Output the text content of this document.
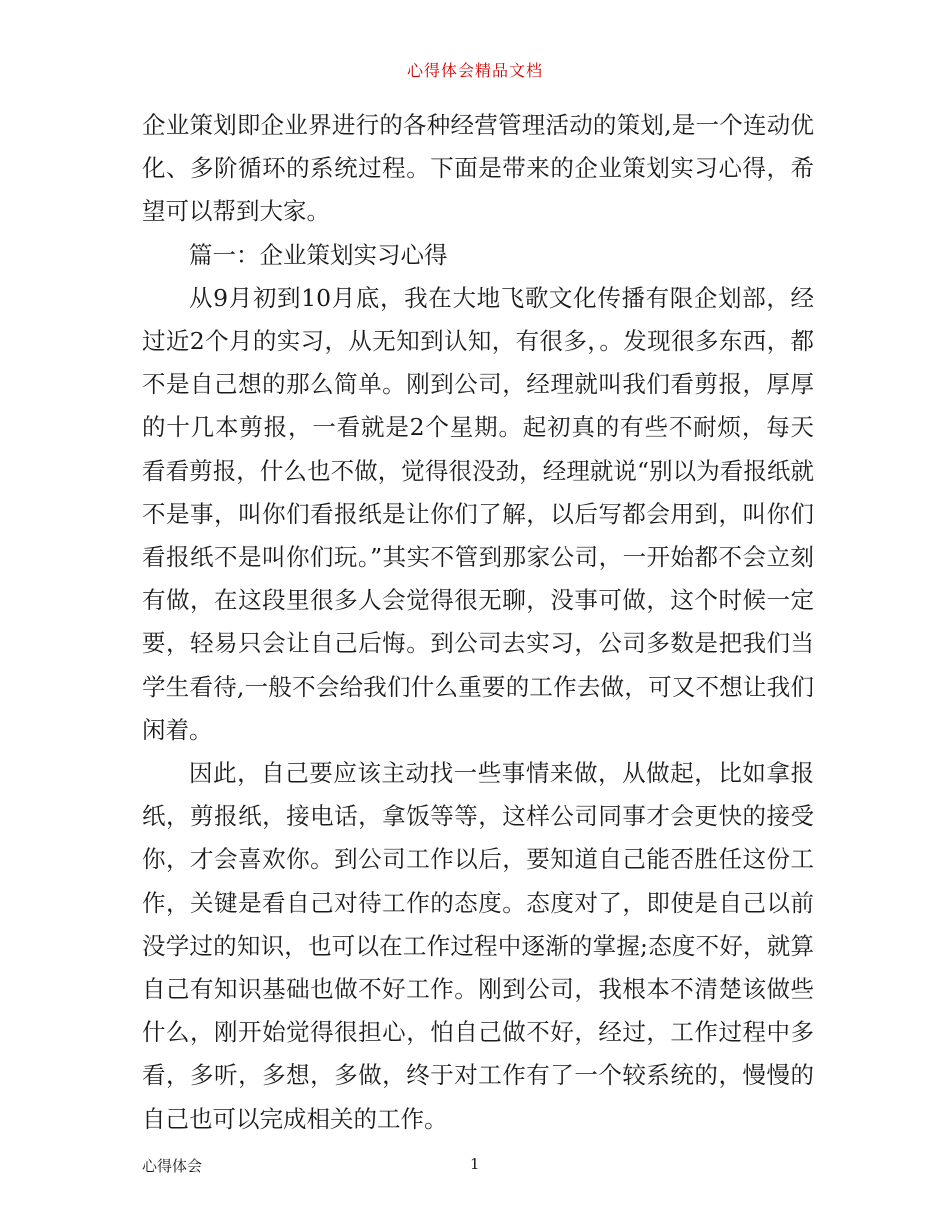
心得体会精品文档

企业策划即企业界进行的各种经营管理活动的策划,是一个连动优化、多阶循环的系统过程。下面是带来的企业策划实习心得，希望可以帮到大家。

篇一：企业策划实习心得

从9月初到10月底，我在大地飞歌文化传播有限企划部，经过近2个月的实习，从无知到认知，有很多，。发现很多东西，都不是自己想的那么简单。刚到公司，经理就叫我们看剪报，厚厚的十几本剪报，一看就是2个星期。起初真的有些不耐烦，每天看看剪报，什么也不做，觉得很没劲，经理就说“别以为看报纸就不是事，叫你们看报纸是让你们了解，以后写都会用到，叫你们看报纸不是叫你们玩。”其实不管到那家公司，一开始都不会立刻有做，在这段里很多人会觉得很无聊，没事可做，这个时候一定要，轻易只会让自己后悔。到公司去实习，公司多数是把我们当学生看待,一般不会给我们什么重要的工作去做，可又不想让我们闲着。

因此，自己要应该主动找一些事情来做，从做起，比如拿报纸，剪报纸，接电话，拿饭等等，这样公司同事才会更快的接受你，才会喜欢你。到公司工作以后，要知道自己能否胜任这份工作，关键是看自己对待工作的态度。态度对了，即使是自己以前没学过的知识，也可以在工作过程中逐渐的掌握;态度不好，就算自己有知识基础也做不好工作。刚到公司，我根本不清楚该做些什么，刚开始觉得很担心，怕自己做不好，经过，工作过程中多看，多听，多想，多做，终于对工作有了一个较系统的，慢慢的自己也可以完成相关的工作。

心得体会	1
